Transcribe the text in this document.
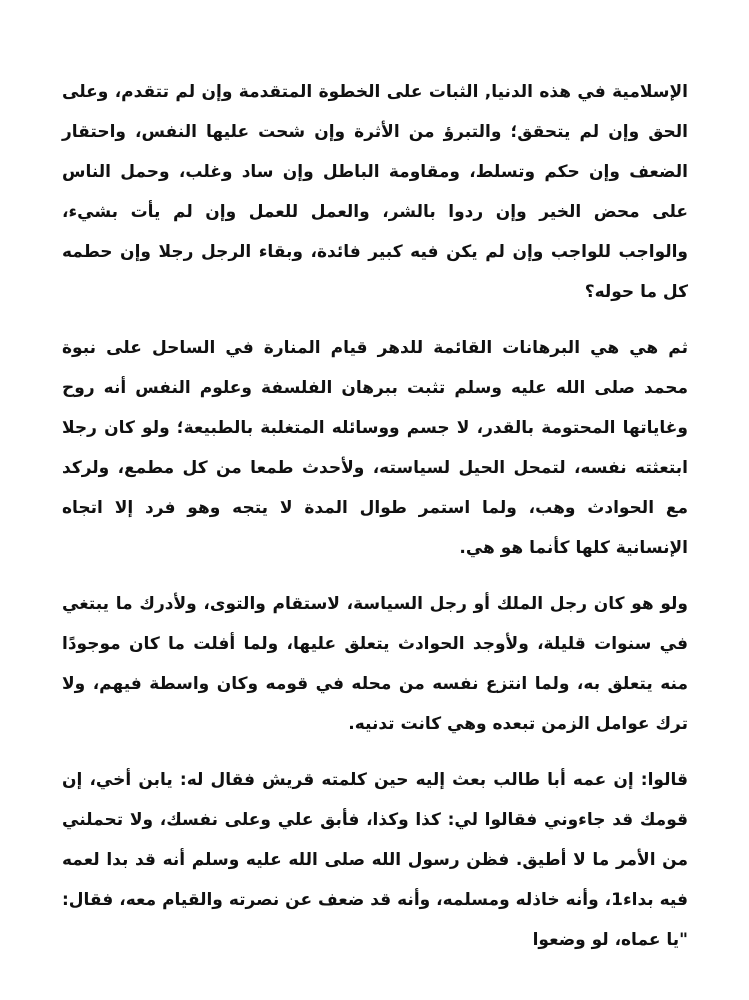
الإسلامية في هذه الدنيا, الثبات على الخطوة المتقدمة وإن لم تتقدم، وعلى الحق وإن لم يتحقق؛ والتبرؤ من الأثرة وإن شحت عليها النفس، واحتقار الضعف وإن حكم وتسلط، ومقاومة الباطل وإن ساد وغلب، وحمل الناس على محض الخير وإن ردوا بالشر، والعمل للعمل وإن لم يأت بشيء، والواجب للواجب وإن لم يكن فيه كبير فائدة، وبقاء الرجل رجلا وإن حطمه كل ما حوله؟

ثم هي هي البرهانات القائمة للدهر قيام المنارة في الساحل على نبوة محمد صلى الله عليه وسلم تثبت ببرهان الفلسفة وعلوم النفس أنه روح وغاياتها المحتومة بالقدر، لا جسم ووسائله المتغلبة بالطبيعة؛ ولو كان رجلا ابتعثته نفسه، لتمحل الحيل لسياسته، ولأحدث طمعا من كل مطمع، ولركد مع الحوادث وهب، ولما استمر طوال المدة لا يتجه وهو فرد إلا اتجاه الإنسانية كلها كأنما هو هي.

ولو هو كان رجل الملك أو رجل السياسة، لاستقام والتوى، ولأدرك ما يبتغي في سنوات قليلة، ولأوجد الحوادث يتعلق عليها، ولما أفلت ما كان موجودًا منه يتعلق به، ولما انتزع نفسه من محله في قومه وكان واسطة فيهم، ولا ترك عوامل الزمن تبعده وهي كانت تدنيه.

قالوا: إن عمه أبا طالب بعث إليه حين كلمته قريش فقال له: يابن أخي، إن قومك قد جاءوني فقالوا لي: كذا وكذا، فأبق علي وعلى نفسك، ولا تحملني من الأمر ما لا أطيق. فظن رسول الله صلى الله عليه وسلم أنه قد بدا لعمه فيه بداء1، وأنه خاذله ومسلمه، وأنه قد ضعف عن نصرته والقيام معه، فقال: "يا عماه، لو وضعوا
